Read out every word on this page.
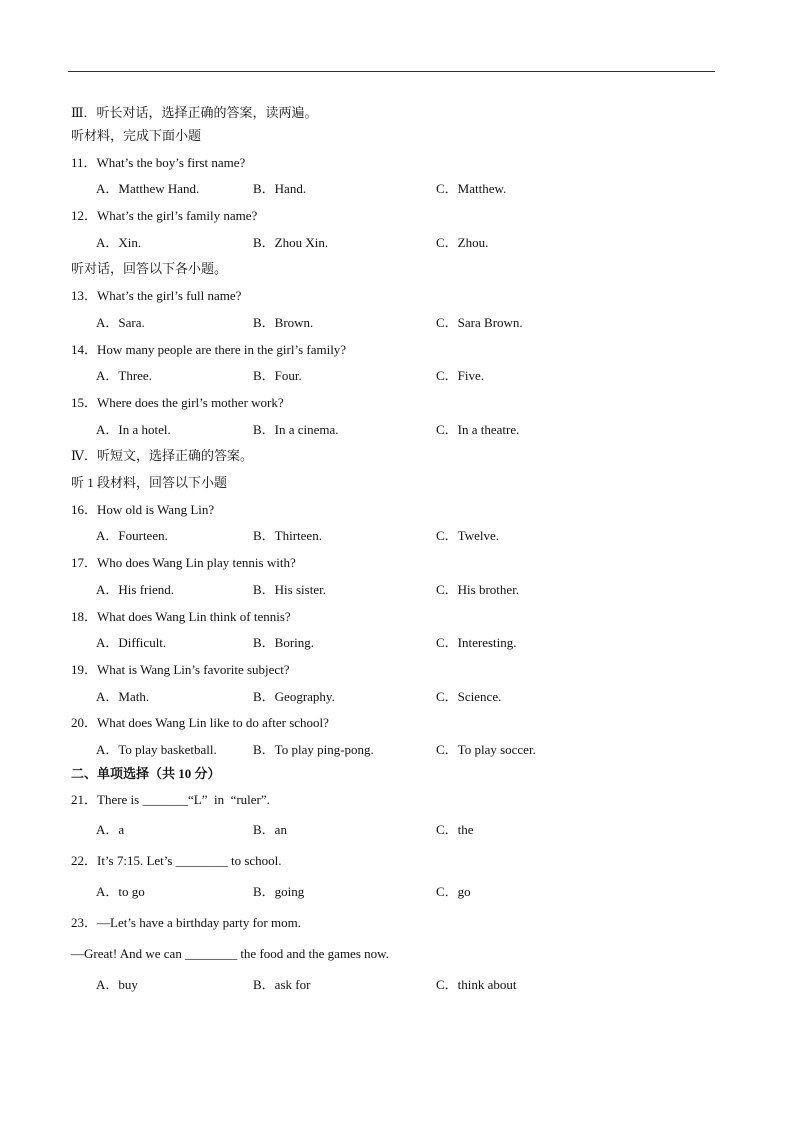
Ⅲ．听长对话，选择正确的答案，读两遍。
听材料，完成下面小题
11．What’s the boy’s first name?
A．Matthew Hand.	B．Hand.	C．Matthew.
12．What’s the girl’s family name?
A．Xin.	B．Zhou Xin.	C．Zhou.
听对话，回答以下各小题。
13．What’s the girl’s full name?
A．Sara.	B．Brown.	C．Sara Brown.
14．How many people are there in the girl’s family?
A．Three.	B．Four.	C．Five.
15．Where does the girl’s mother work?
A．In a hotel.	B．In a cinema.	C．In a theatre.
Ⅳ．听短文，选择正确的答案。
听 1 段材料，回答以下小题
16．How old is Wang Lin?
A．Fourteen.	B．Thirteen.	C．Twelve.
17．Who does Wang Lin play tennis with?
A．His friend.	B．His sister.	C．His brother.
18．What does Wang Lin think of tennis?
A．Difficult.	B．Boring.	C．Interesting.
19．What is Wang Lin’s favorite subject?
A．Math.	B．Geography.	C．Science.
20．What does Wang Lin like to do after school?
A．To play basketball.	B．To play ping-pong.	C．To play soccer.
二、单项选择（共 10 分）
21．There is _______“L”  in  “ruler”.
A．a	B．an	C．the
22．It’s 7:15. Let’s ________ to school.
A．to go	B．going	C．go
23．—Let’s have a birthday party for mom.
—Great! And we can ________ the food and the games now.
A．buy	B．ask for	C．think about
